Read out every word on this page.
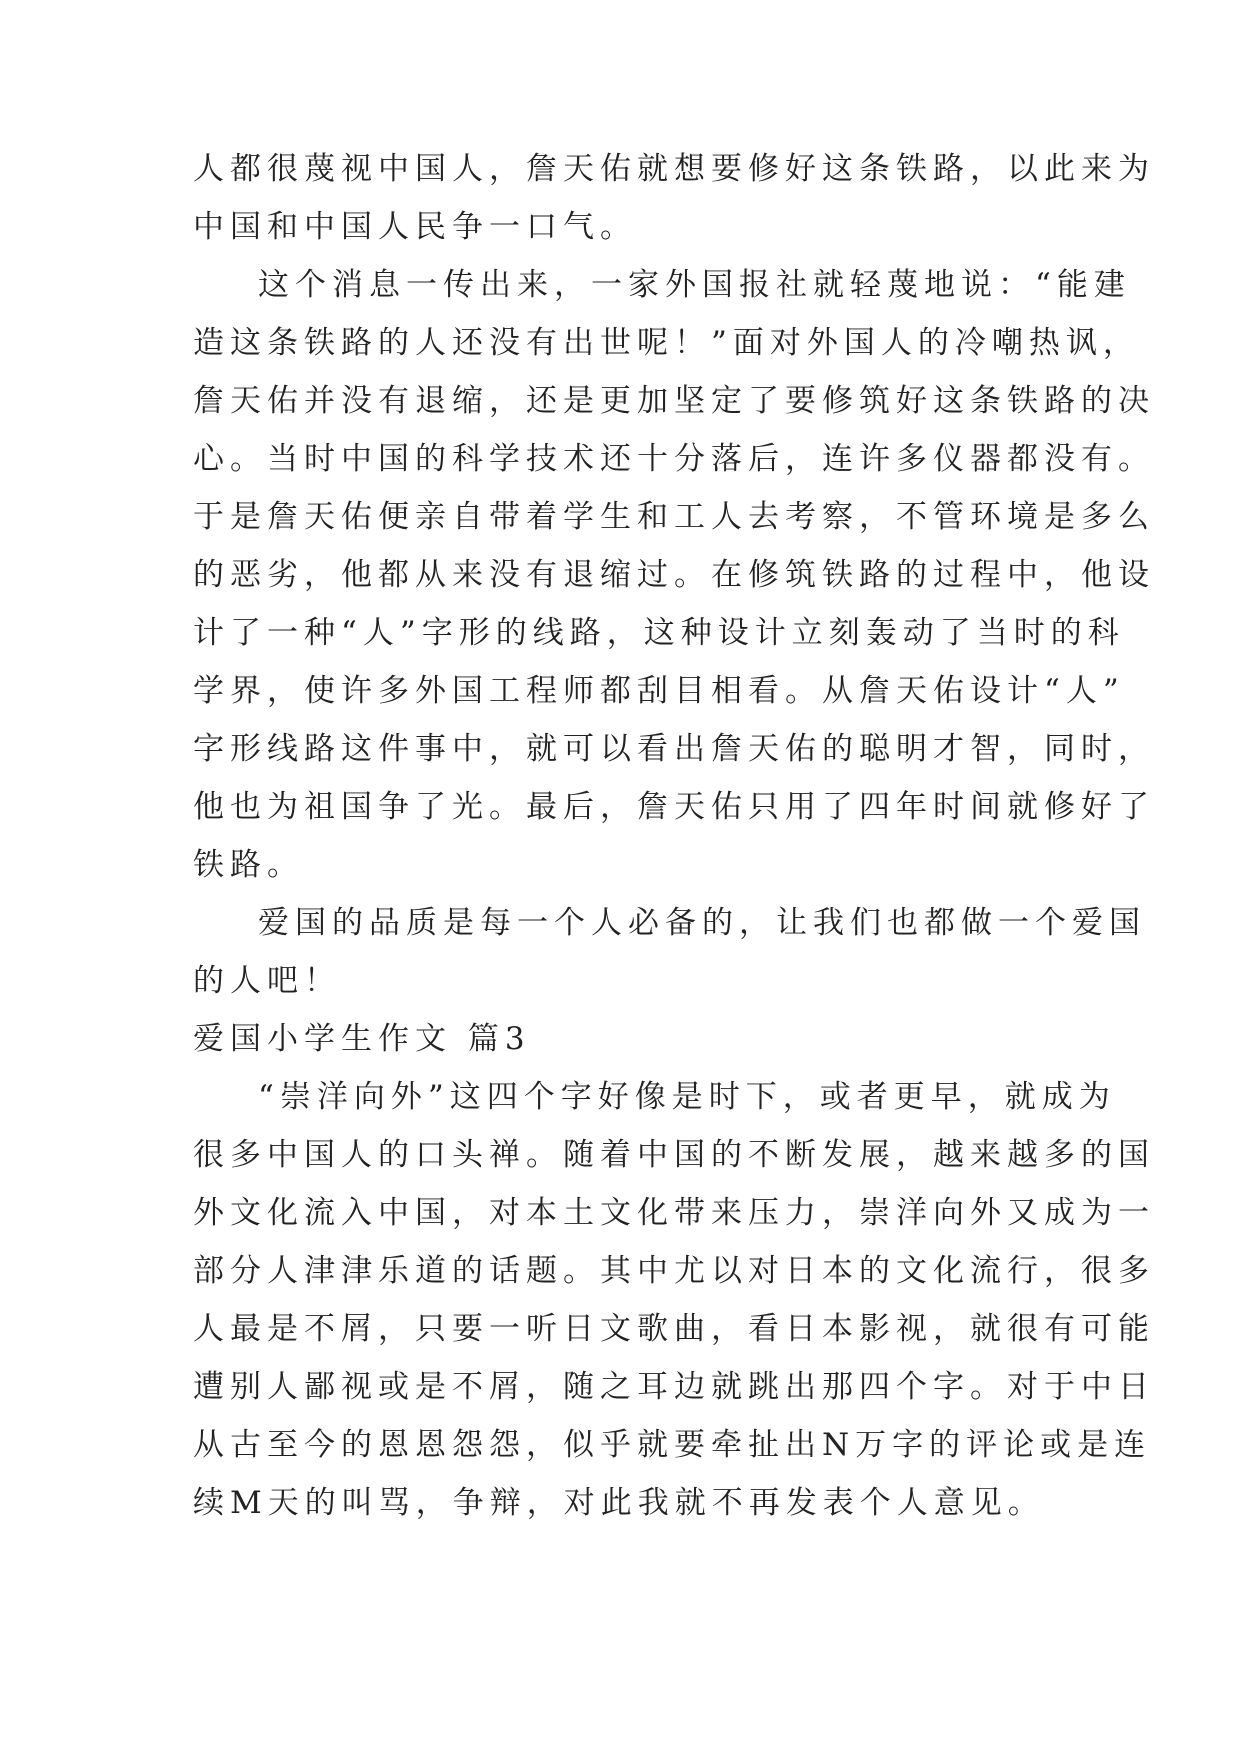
人都很蔑视中国人，詹天佑就想要修好这条铁路，以此来为
中国和中国人民争一口气。
这个消息一传出来，一家外国报社就轻蔑地说：“能建
造这条铁路的人还没有出世呢！”面对外国人的冷嘲热讽，
詹天佑并没有退缩，还是更加坚定了要修筑好这条铁路的决
心。当时中国的科学技术还十分落后，连许多仪器都没有。
于是詹天佑便亲自带着学生和工人去考察，不管环境是多么
的恶劣，他都从来没有退缩过。在修筑铁路的过程中，他设
计了一种“人”字形的线路，这种设计立刻轰动了当时的科
学界，使许多外国工程师都刮目相看。从詹天佑设计“人”
字形线路这件事中，就可以看出詹天佑的聪明才智，同时，
他也为祖国争了光。最后，詹天佑只用了四年时间就修好了
铁路。
爱国的品质是每一个人必备的，让我们也都做一个爱国
的人吧！
爱国小学生作文 篇3
“崇洋向外”这四个字好像是时下，或者更早，就成为
很多中国人的口头禅。随着中国的不断发展，越来越多的国
外文化流入中国，对本土文化带来压力，崇洋向外又成为一
部分人津津乐道的话题。其中尤以对日本的文化流行，很多
人最是不屑，只要一听日文歌曲，看日本影视，就很有可能
遭别人鄙视或是不屑，随之耳边就跳出那四个字。对于中日
从古至今的恩恩怨怨，似乎就要牵扯出N万字的评论或是连
续M天的叫骂，争辩，对此我就不再发表个人意见。
